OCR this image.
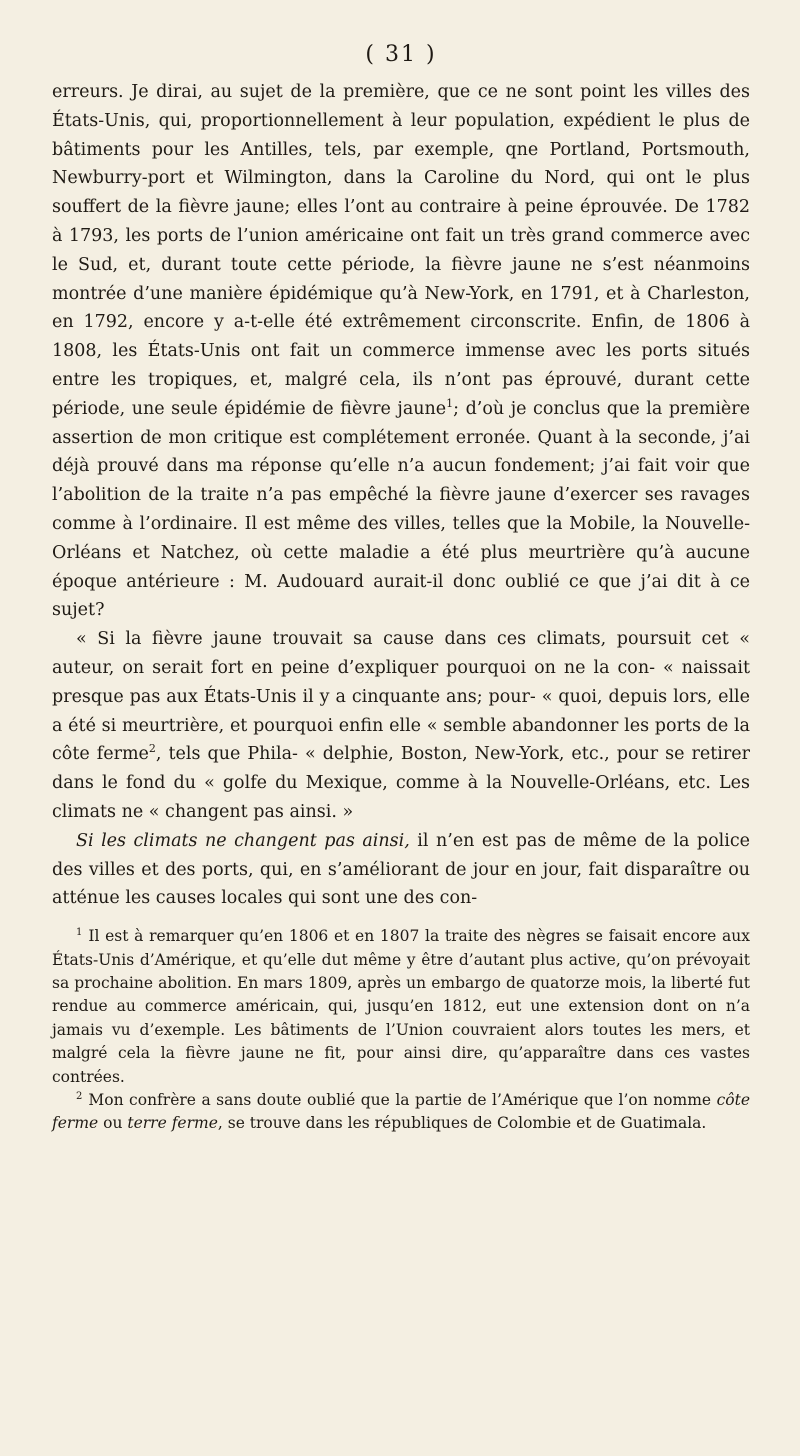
( 31 )

erreurs. Je dirai, au sujet de la première, que ce ne sont point les villes des États-Unis, qui, proportionnellement à leur population, expédient le plus de bâtiments pour les Antilles, tels, par exemple, qne Portland, Portsmouth, Newburry-port et Wilmington, dans la Caroline du Nord, qui ont le plus souffert de la fièvre jaune; elles l’ont au contraire à peine éprouvée. De 1782 à 1793, les ports de l’union américaine ont fait un très grand commerce avec le Sud, et, durant toute cette période, la fièvre jaune ne s’est néanmoins montrée d’une manière épidémique qu’à New-York, en 1791, et à Charleston, en 1792, encore y a-t-elle été extrêmement circonscrite. Enfin, de 1806 à 1808, les États-Unis ont fait un commerce immense avec les ports situés entre les tropiques, et, malgré cela, ils n’ont pas éprouvé, durant cette période, une seule épidémie de fièvre jaune$^1$; d’où je conclus que la première assertion de mon critique est complétement erronée. Quant à la seconde, j’ai déjà prouvé dans ma réponse qu’elle n’a aucun fondement; j’ai fait voir que l’abolition de la traite n’a pas empêché la fièvre jaune d’exercer ses ravages comme à l’ordinaire. Il est même des villes, telles que la Mobile, la Nouvelle-Orléans et Natchez, où cette maladie a été plus meurtrière qu’à aucune époque antérieure : M. Audouard aurait-il donc oublié ce que j’ai dit à ce sujet?

« Si la fièvre jaune trouvait sa cause dans ces climats, poursuit cet « auteur, on serait fort en peine d’expliquer pourquoi on ne la con- « naissait presque pas aux États-Unis il y a cinquante ans; pour- « quoi, depuis lors, elle a été si meurtrière, et pourquoi enfin elle « semble abandonner les ports de la côte ferme$^2$, tels que Phila- « delphie, Boston, New-York, etc., pour se retirer dans le fond du « golfe du Mexique, comme à la Nouvelle-Orléans, etc. Les climats ne « changent pas ainsi. »

Si les climats ne changent pas ainsi, il n’en est pas de même de la police des villes et des ports, qui, en s’améliorant de jour en jour, fait disparaître ou atténue les causes locales qui sont une des con-

$^1$ Il est à remarquer qu’en 1806 et en 1807 la traite des nègres se faisait encore aux États-Unis d’Amérique, et qu’elle dut même y être d’autant plus active, qu’on prévoyait sa prochaine abolition. En mars 1809, après un embargo de quatorze mois, la liberté fut rendue au commerce américain, qui, jusqu’en 1812, eut une extension dont on n’a jamais vu d’exemple. Les bâtiments de l’Union couvraient alors toutes les mers, et malgré cela la fièvre jaune ne fit, pour ainsi dire, qu’apparaître dans ces vastes contrées.

$^2$ Mon confrère a sans doute oublié que la partie de l’Amérique que l’on nomme côte ferme ou terre ferme, se trouve dans les républiques de Colombie et de Guatimala.
